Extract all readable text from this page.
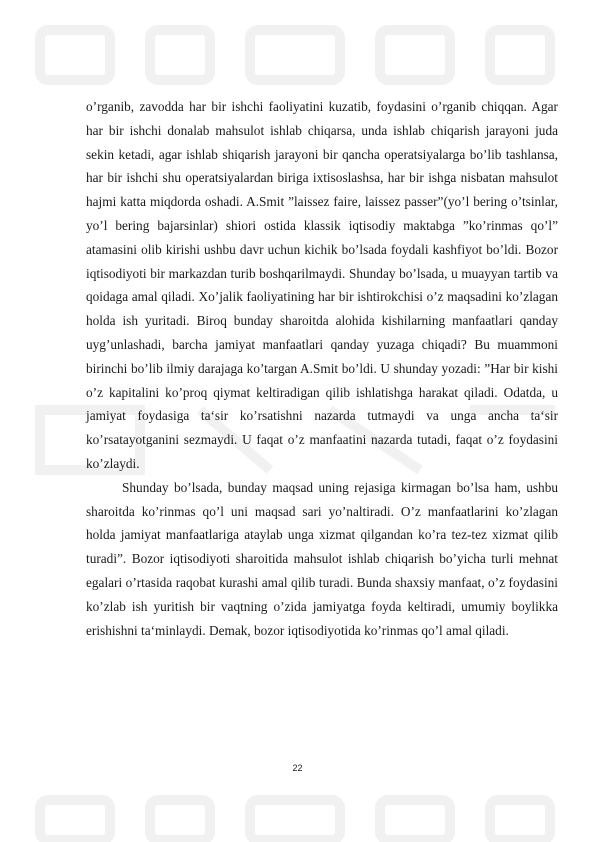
o’rganib, zavodda har bir ishchi faoliyatini kuzatib, foydasini o’rganib chiqqan. Agar har bir ishchi donalab mahsulot ishlab chiqarsa, unda ishlab chiqarish jarayoni juda sekin ketadi, agar ishlab shiqarish jarayoni bir qancha operatsiyalarga bo’lib tashlansa, har bir ishchi shu operatsiyalardan biriga ixtisoslashsa, har bir ishga nisbatan mahsulot hajmi katta miqdorda oshadi. A.Smit ”laissez faire, laissez passer”(yo’l bering o’tsinlar, yo’l bering bajarsinlar) shiori ostida klassik iqtisodiy maktabga ”ko’rinmas qo’l” atamasini olib kirishi ushbu davr uchun kichik bo’lsada foydali kashfiyot bo’ldi. Bozor iqtisodiyoti bir markazdan turib boshqarilmaydi. Shunday bo’lsada, u muayyan tartib va qoidaga amal qiladi. Xo’jalik faoliyatining har bir ishtirokchisi o’z maqsadini ko’zlagan holda ish yuritadi. Biroq bunday sharoitda alohida kishilarning manfaatlari qanday uyg’unlashadi, barcha jamiyat manfaatlari qanday yuzaga chiqadi? Bu muammoni birinchi bo’lib ilmiy darajaga ko’targan A.Smit bo’ldi. U shunday yozadi: ”Har bir kishi o’z kapitalini ko’proq qiymat keltiradigan qilib ishlatishga harakat qiladi. Odatda, u jamiyat foydasiga ta‘sir ko’rsatishni nazarda tutmaydi va unga ancha ta‘sir ko’rsatayotganini sezmaydi. U faqat o’z manfaatini nazarda tutadi, faqat o’z foydasini ko’zlaydi.

Shunday bo’lsada, bunday maqsad uning rejasiga kirmagan bo’lsa ham, ushbu sharoitda ko’rinmas qo’l uni maqsad sari yo’naltiradi. O’z manfaatlarini ko’zlagan holda jamiyat manfaatlariga ataylab unga xizmat qilgandan ko’ra tez-tez xizmat qilib turadi”. Bozor iqtisodiyoti sharoitida mahsulot ishlab chiqarish bo’yicha turli mehnat egalari o’rtasida raqobat kurashi amal qilib turadi. Bunda shaxsiy manfaat, o’z foydasini ko’zlab ish yuritish bir vaqtning o’zida jamiyatga foyda keltiradi, umumiy boylikka erishishni ta‘minlaydi. Demak, bozor iqtisodiyotida ko’rinmas qo’l amal qiladi.

22
